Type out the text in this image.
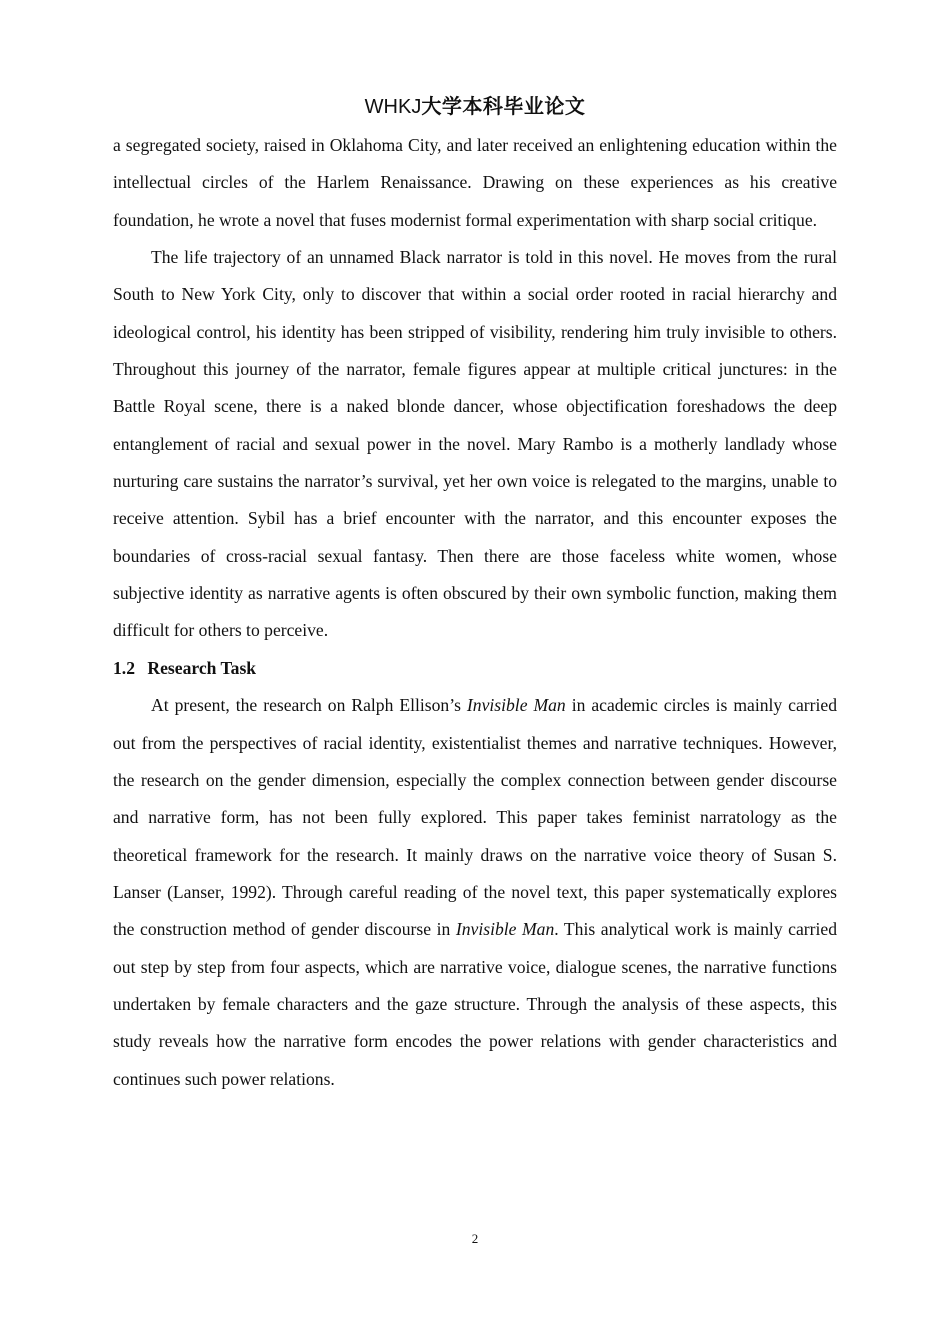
WHKJ大学本科毕业论文

a segregated society, raised in Oklahoma City, and later received an enlightening education within the intellectual circles of the Harlem Renaissance. Drawing on these experiences as his creative foundation, he wrote a novel that fuses modernist formal experimentation with sharp social critique.

The life trajectory of an unnamed Black narrator is told in this novel. He moves from the rural South to New York City, only to discover that within a social order rooted in racial hierarchy and ideological control, his identity has been stripped of visibility, rendering him truly invisible to others. Throughout this journey of the narrator, female figures appear at multiple critical junctures: in the Battle Royal scene, there is a naked blonde dancer, whose objectification foreshadows the deep entanglement of racial and sexual power in the novel. Mary Rambo is a motherly landlady whose nurturing care sustains the narrator’s survival, yet her own voice is relegated to the margins, unable to receive attention. Sybil has a brief encounter with the narrator, and this encounter exposes the boundaries of cross-racial sexual fantasy. Then there are those faceless white women, whose subjective identity as narrative agents is often obscured by their own symbolic function, making them difficult for others to perceive.

1.2 Research Task

At present, the research on Ralph Ellison’s Invisible Man in academic circles is mainly carried out from the perspectives of racial identity, existentialist themes and narrative techniques. However, the research on the gender dimension, especially the complex connection between gender discourse and narrative form, has not been fully explored. This paper takes feminist narratology as the theoretical framework for the research. It mainly draws on the narrative voice theory of Susan S. Lanser (Lanser, 1992). Through careful reading of the novel text, this paper systematically explores the construction method of gender discourse in Invisible Man. This analytical work is mainly carried out step by step from four aspects, which are narrative voice, dialogue scenes, the narrative functions undertaken by female characters and the gaze structure. Through the analysis of these aspects, this study reveals how the narrative form encodes the power relations with gender characteristics and continues such power relations.

2
